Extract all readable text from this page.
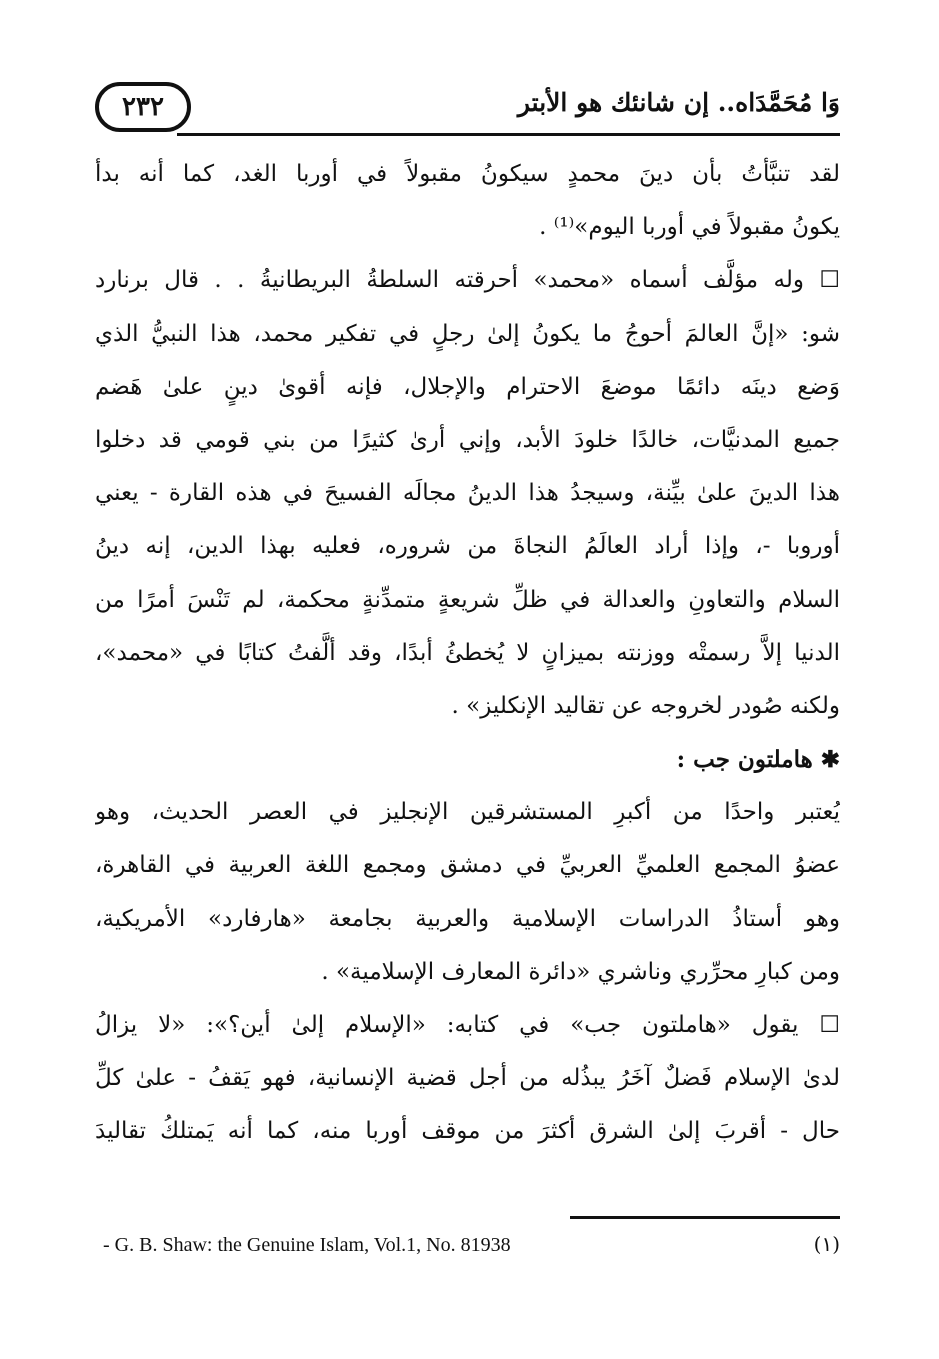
٢٣٢	وَا مُحَمَّدَاه.. إن شانئك هو الأبتر
لقد تنبَّأتُ بأن دينَ محمدٍ سيكونُ مقبولاً في أوربا الغد، كما أنه بدأ
يكونُ مقبولاً في أوربا اليوم»⁽¹⁾ .
☐ وله مؤلَّف أسماه «محمد» أحرقته السلطةُ البريطانيةُ . . قال برنارد
شو: «إنَّ العالمَ أحوجُ ما يكونُ إلىٰ رجلٍ في تفكير محمد، هذا النبيُّ الذي
وَضع دينَه دائمًا موضعَ الاحترام والإجلال، فإنه أقوىٰ دينٍ علىٰ هَضم
جميع المدنيَّات، خالدًا خلودَ الأبد، وإني أرىٰ كثيرًا من بني قومي قد دخلوا
هذا الدينَ علىٰ بيِّنة، وسيجدُ هذا الدينُ مجالَه الفسيحَ في هذه القارة - يعني
أوروبا -، وإذا أراد العالَمُ النجاةَ من شروره، فعليه بهذا الدين، إنه دينُ
السلام والتعاونِ والعدالة في ظلِّ شريعةٍ متمدِّنةٍ محكمة، لم تَنْسَ أمرًا من
الدنيا إلاَّ رسمتْه ووزنته بميزانٍ لا يُخطئُ أبدًا، وقد ألَّفتُ كتابًا في «محمد»،
ولكنه صُودر لخروجه عن تقاليد الإنكليز» .
✱ هاملتون جب :
يُعتبر واحدًا من أكبرِ المستشرقين الإنجليز في العصر الحديث، وهو
عضوُ المجمع العلميِّ العربيِّ في دمشق ومجمع اللغة العربية في القاهرة،
وهو أستاذُ الدراسات الإسلامية والعربية بجامعة «هارفارد» الأمريكية،
ومن كبارِ محرِّري وناشري «دائرة المعارف الإسلامية» .
☐ يقول «هاملتون جب» في كتابه: «الإسلام إلىٰ أين؟»: «لا يزالُ
لدىٰ الإسلام فَضلٌ آخَرُ يبذُله من أجل قضية الإنسانية، فهو يَقفُ - علىٰ كلِّ
حال - أقربَ إلىٰ الشرق أكثرَ من موقف أوربا منه، كما أنه يَمتلكُ تقاليدَ
- G. B. Shaw: the Genuine Islam, Vol.1, No. 81938	(١)
